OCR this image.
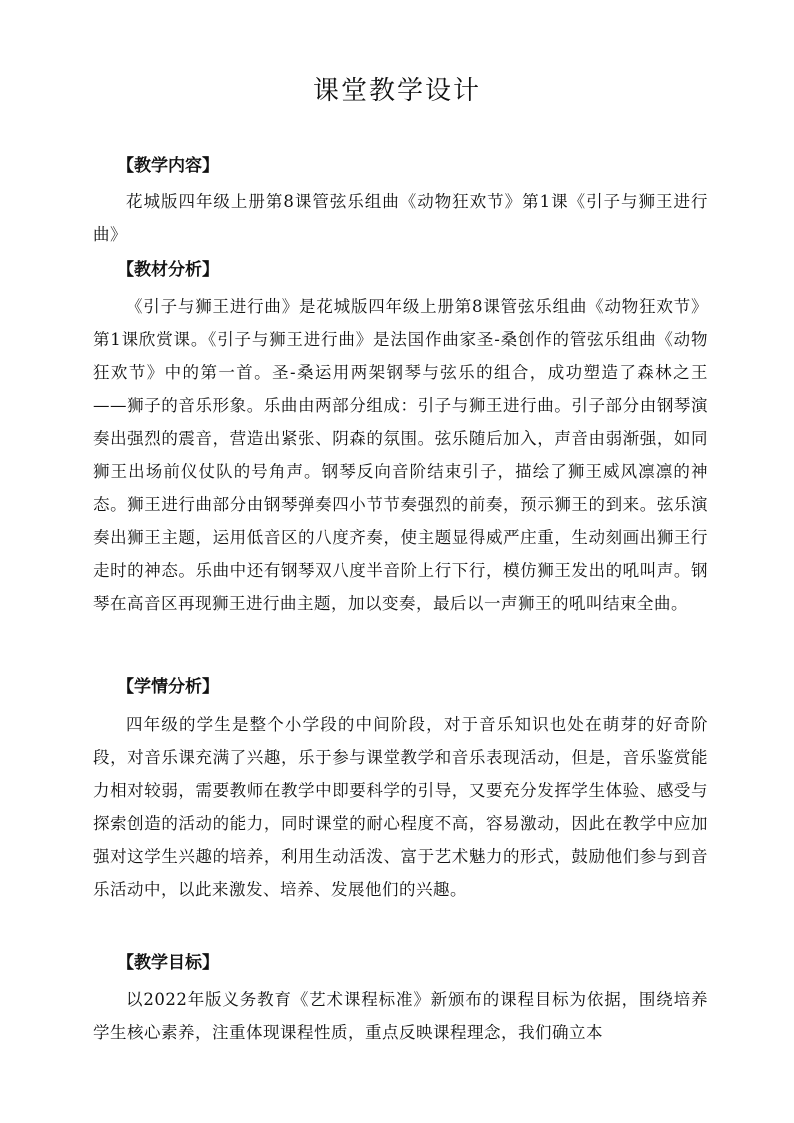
课堂教学设计
【教学内容】

花城版四年级上册第8课管弦乐组曲《动物狂欢节》第1课《引子与狮王进行曲》

【教材分析】

《引子与狮王进行曲》是花城版四年级上册第8课管弦乐组曲《动物狂欢节》第1课欣赏课。《引子与狮王进行曲》是法国作曲家圣-桑创作的管弦乐组曲《动物狂欢节》中的第一首。圣-桑运用两架钢琴与弦乐的组合，成功塑造了森林之王——狮子的音乐形象。乐曲由两部分组成：引子与狮王进行曲。引子部分由钢琴演奏出强烈的震音，营造出紧张、阴森的氛围。弦乐随后加入，声音由弱渐强，如同狮王出场前仪仗队的号角声。钢琴反向音阶结束引子，描绘了狮王威风凛凛的神态。狮王进行曲部分由钢琴弹奏四小节节奏强烈的前奏，预示狮王的到来。弦乐演奏出狮王主题，运用低音区的八度齐奏，使主题显得威严庄重，生动刻画出狮王行走时的神态。乐曲中还有钢琴双八度半音阶上行下行，模仿狮王发出的吼叫声。钢琴在高音区再现狮王进行曲主题，加以变奏，最后以一声狮王的吼叫结束全曲。

【学情分析】

四年级的学生是整个小学段的中间阶段，对于音乐知识也处在萌芽的好奇阶段，对音乐课充满了兴趣，乐于参与课堂教学和音乐表现活动，但是，音乐鉴赏能力相对较弱，需要教师在教学中即要科学的引导，又要充分发挥学生体验、感受与探索创造的活动的能力，同时课堂的耐心程度不高，容易激动，因此在教学中应加强对这学生兴趣的培养，利用生动活泼、富于艺术魅力的形式，鼓励他们参与到音乐活动中，以此来激发、培养、发展他们的兴趣。

【教学目标】

以2022年版义务教育《艺术课程标准》新颁布的课程目标为依据，围绕培养学生核心素养，注重体现课程性质，重点反映课程理念，我们确立本
